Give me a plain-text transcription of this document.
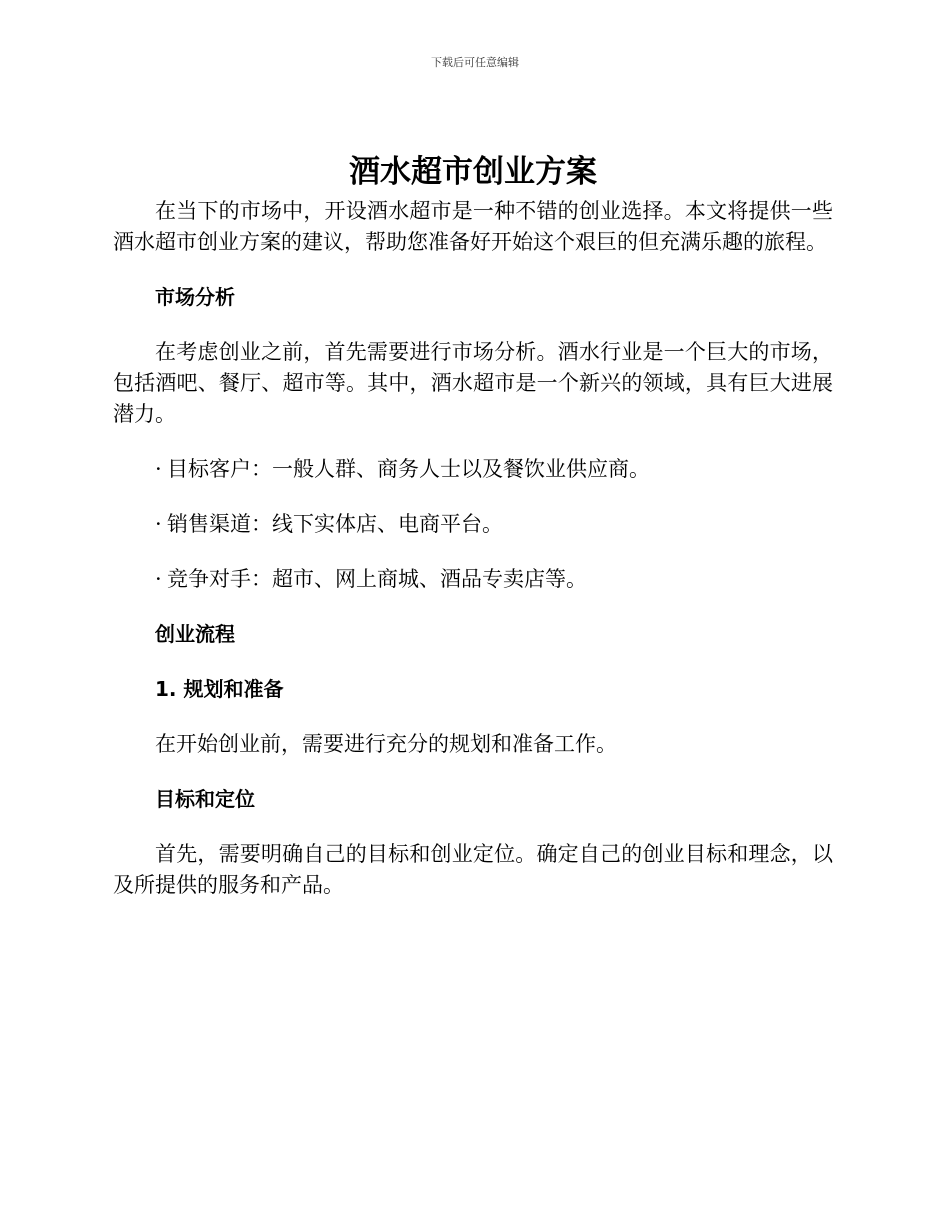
下载后可任意编辑
酒水超市创业方案

在当下的市场中，开设酒水超市是一种不错的创业选择。本文将提供一些酒水超市创业方案的建议，帮助您准备好开始这个艰巨的但充满乐趣的旅程。

市场分析

在考虑创业之前，首先需要进行市场分析。酒水行业是一个巨大的市场，包括酒吧、餐厅、超市等。其中，酒水超市是一个新兴的领域，具有巨大进展潜力。

· 目标客户：一般人群、商务人士以及餐饮业供应商。

· 销售渠道：线下实体店、电商平台。

· 竞争对手：超市、网上商城、酒品专卖店等。

创业流程
1. 规划和准备

在开始创业前，需要进行充分的规划和准备工作。

目标和定位

首先，需要明确自己的目标和创业定位。确定自己的创业目标和理念，以及所提供的服务和产品。
